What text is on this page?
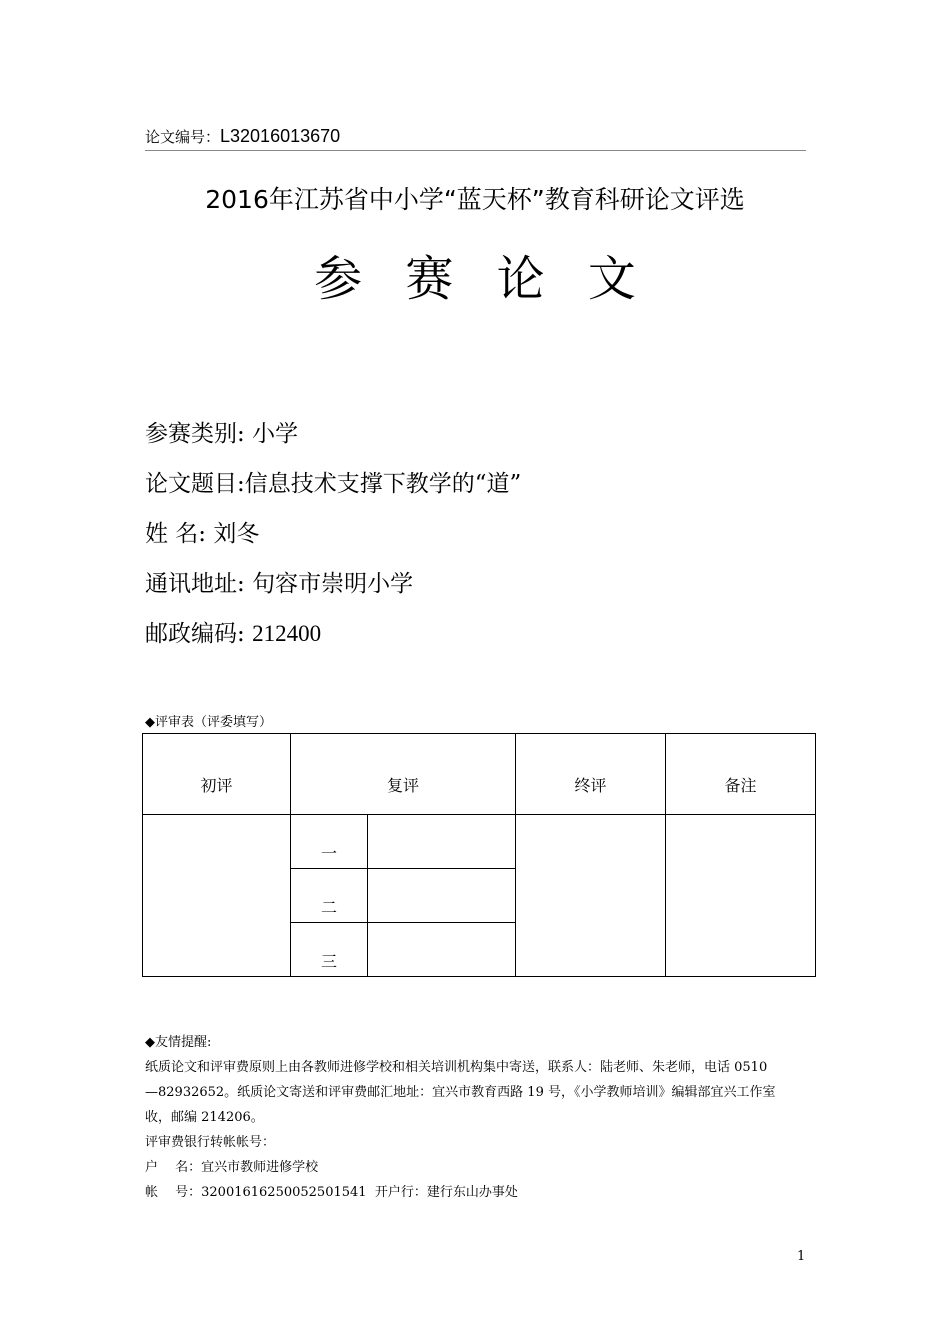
论文编号：L32016013670
2016年江苏省中小学“蓝天杯”教育科研论文评选
参 赛 论 文
参赛类别: 小学
论文题目:信息技术支撑下教学的“道”
姓 名: 刘冬
通讯地址: 句容市崇明小学
邮政编码: 212400
◆评审表（评委填写）
初评	复评		终评	备注
	一			
	二			
	三			

◆友情提醒:

纸质论文和评审费原则上由各教师进修学校和相关培训机构集中寄送，联系人：陆老师、朱老师，电话 0510

—82932652。纸质论文寄送和评审费邮汇地址：宜兴市教育西路 19 号，《小学教师培训》编辑部宜兴工作室

收，邮编 214206。

评审费银行转帐帐号：

户　 名：宜兴市教师进修学校

帐　 号：32001616250052501541 开户行：建行东山办事处

1
